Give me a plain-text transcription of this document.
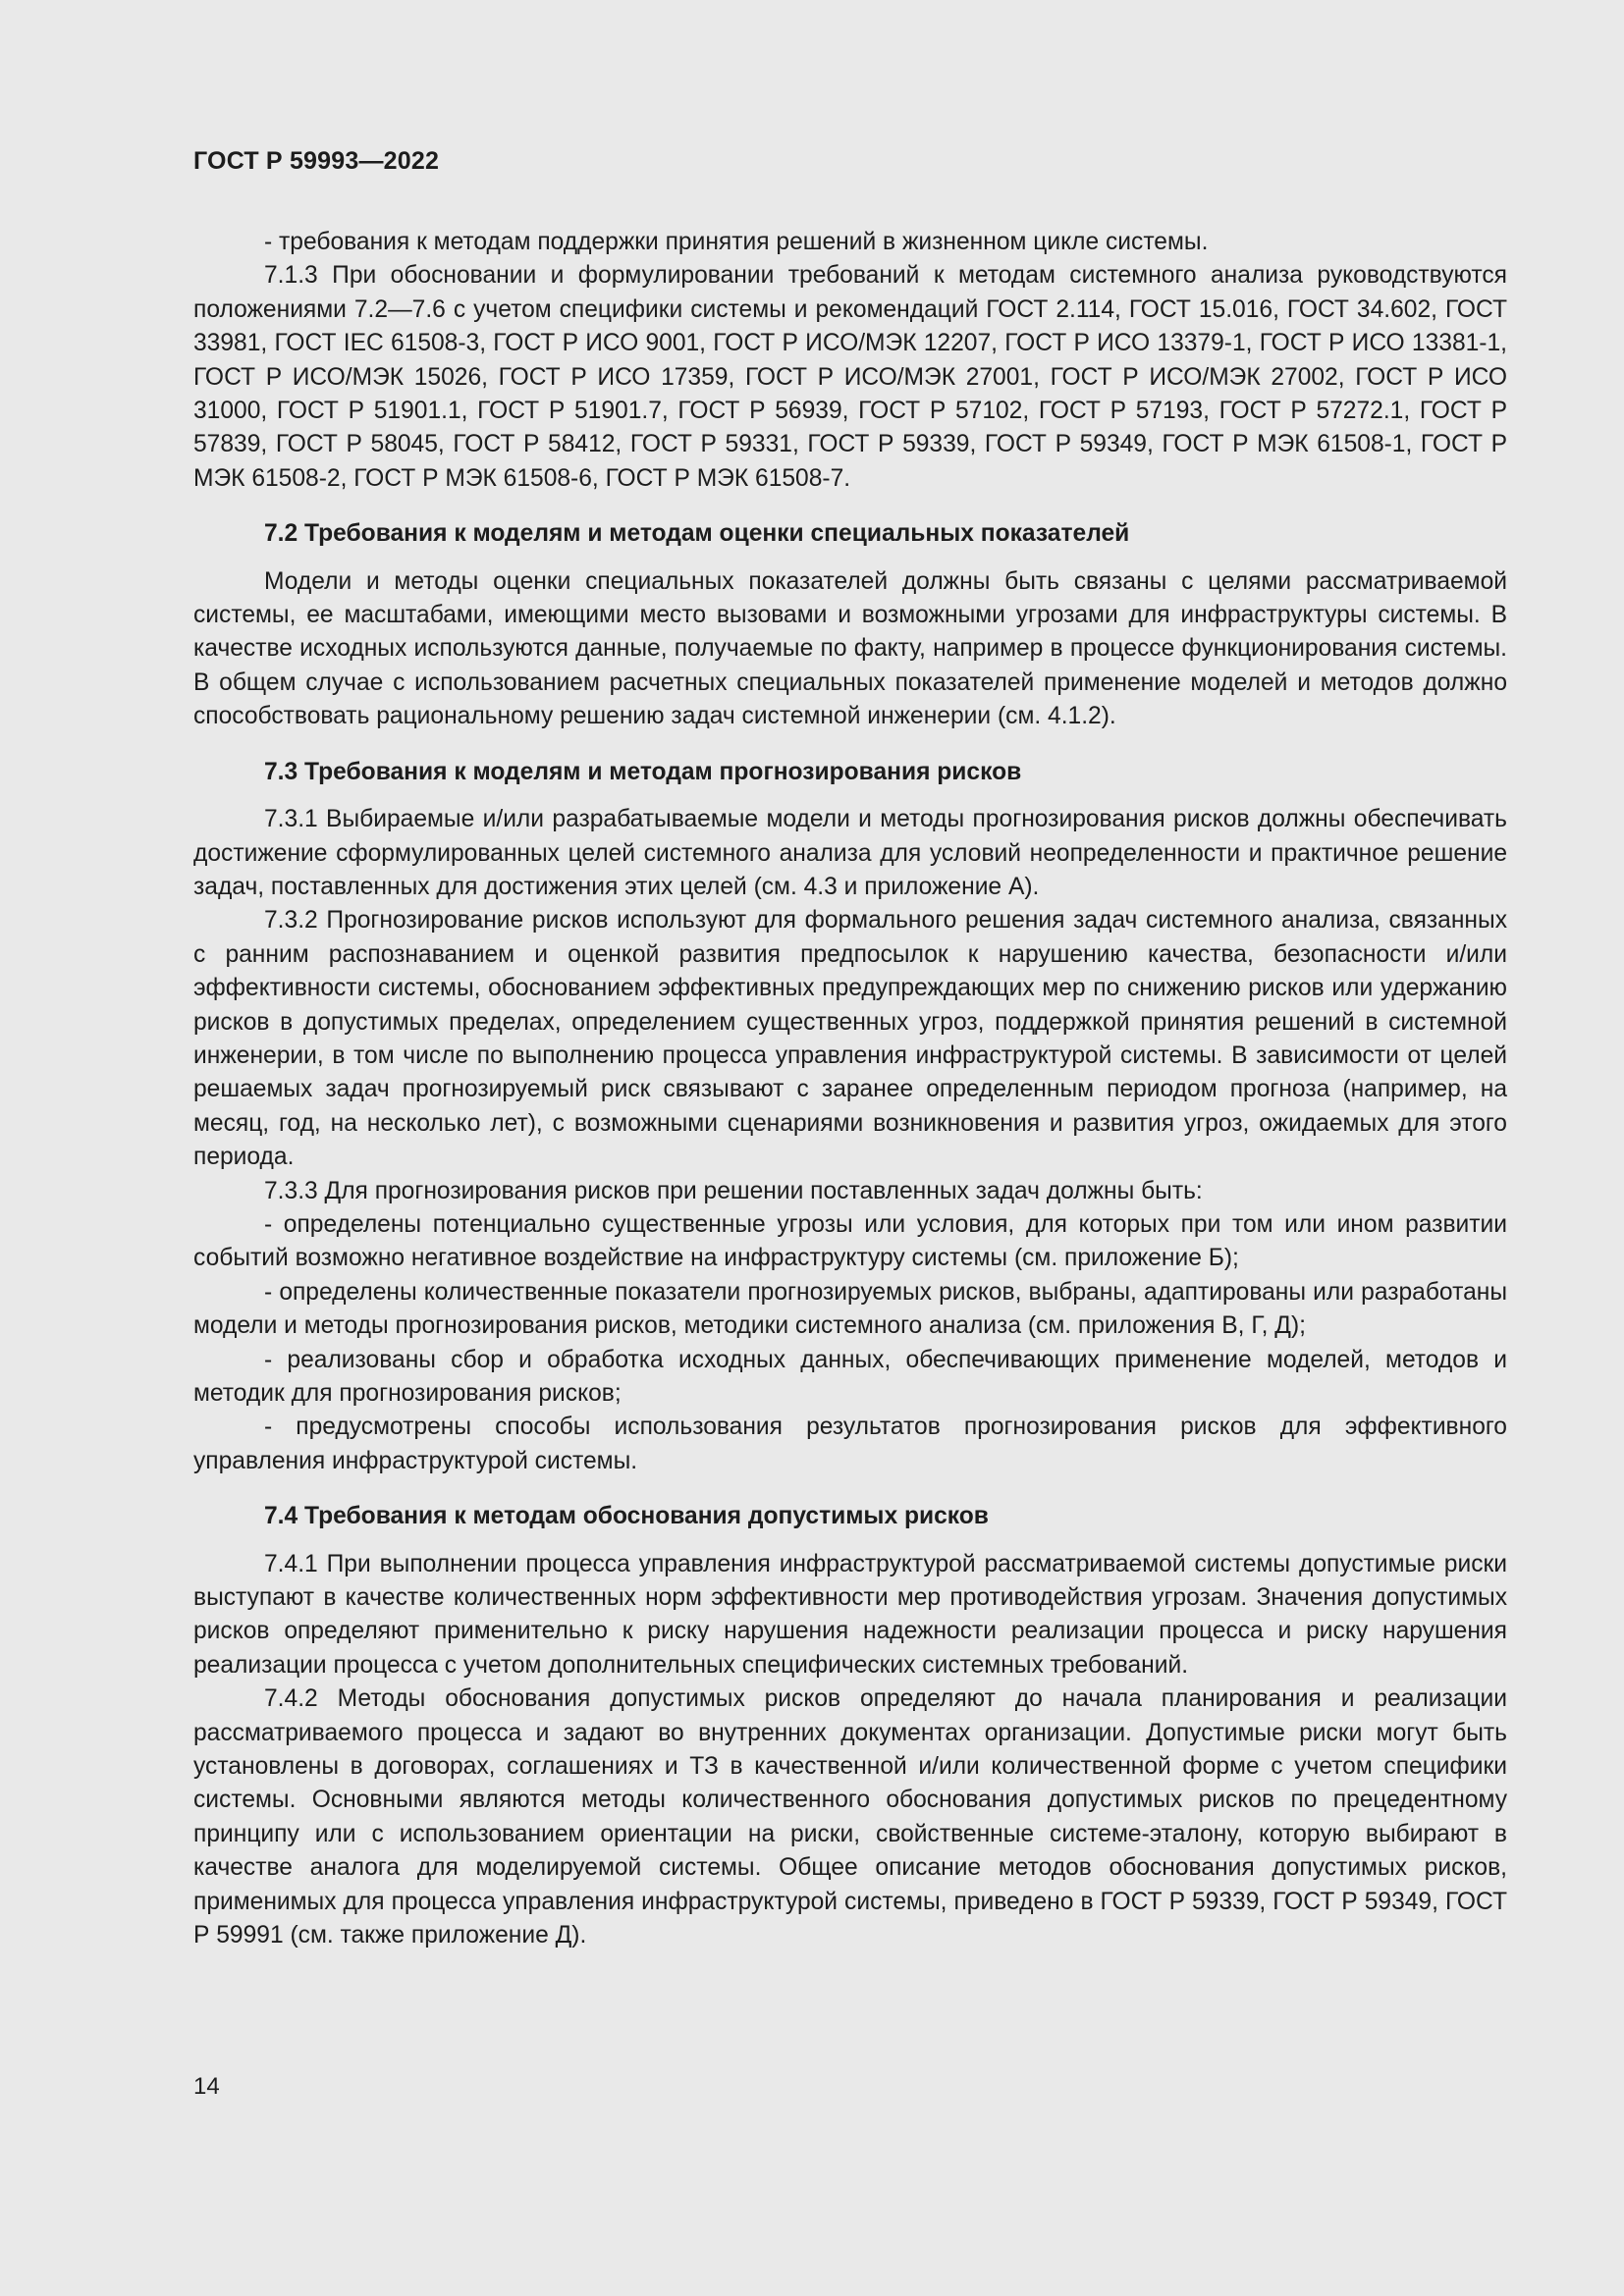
ГОСТ Р 59993—2022

- требования к методам поддержки принятия решений в жизненном цикле системы.

7.1.3 При обосновании и формулировании требований к методам системного анализа руководствуются положениями 7.2—7.6 с учетом специфики системы и рекомендаций ГОСТ 2.114, ГОСТ 15.016, ГОСТ 34.602, ГОСТ 33981, ГОСТ IEC 61508-3, ГОСТ Р ИСО 9001, ГОСТ Р ИСО/МЭК 12207, ГОСТ Р ИСО 13379-1, ГОСТ Р ИСО 13381-1, ГОСТ Р ИСО/МЭК 15026, ГОСТ Р ИСО 17359, ГОСТ Р ИСО/МЭК 27001, ГОСТ Р ИСО/МЭК 27002, ГОСТ Р ИСО 31000, ГОСТ Р 51901.1, ГОСТ Р 51901.7, ГОСТ Р 56939, ГОСТ Р 57102, ГОСТ Р 57193, ГОСТ Р 57272.1, ГОСТ Р 57839, ГОСТ Р 58045, ГОСТ Р 58412, ГОСТ Р 59331, ГОСТ Р 59339, ГОСТ Р 59349, ГОСТ Р МЭК 61508-1, ГОСТ Р МЭК 61508-2, ГОСТ Р МЭК 61508-6, ГОСТ Р МЭК 61508-7.

7.2 Требования к моделям и методам оценки специальных показателей

Модели и методы оценки специальных показателей должны быть связаны с целями рассматриваемой системы, ее масштабами, имеющими место вызовами и возможными угрозами для инфраструктуры системы. В качестве исходных используются данные, получаемые по факту, например в процессе функционирования системы. В общем случае с использованием расчетных специальных показателей применение моделей и методов должно способствовать рациональному решению задач системной инженерии (см. 4.1.2).

7.3 Требования к моделям и методам прогнозирования рисков

7.3.1 Выбираемые и/или разрабатываемые модели и методы прогнозирования рисков должны обеспечивать достижение сформулированных целей системного анализа для условий неопределенности и практичное решение задач, поставленных для достижения этих целей (см. 4.3 и приложение А).

7.3.2 Прогнозирование рисков используют для формального решения задач системного анализа, связанных с ранним распознаванием и оценкой развития предпосылок к нарушению качества, безопасности и/или эффективности системы, обоснованием эффективных предупреждающих мер по снижению рисков или удержанию рисков в допустимых пределах, определением существенных угроз, поддержкой принятия решений в системной инженерии, в том числе по выполнению процесса управления инфраструктурой системы. В зависимости от целей решаемых задач прогнозируемый риск связывают с заранее определенным периодом прогноза (например, на месяц, год, на несколько лет), с возможными сценариями возникновения и развития угроз, ожидаемых для этого периода.

7.3.3 Для прогнозирования рисков при решении поставленных задач должны быть:

- определены потенциально существенные угрозы или условия, для которых при том или ином развитии событий возможно негативное воздействие на инфраструктуру системы (см. приложение Б);

- определены количественные показатели прогнозируемых рисков, выбраны, адаптированы или разработаны модели и методы прогнозирования рисков, методики системного анализа (см. приложения В, Г, Д);

- реализованы сбор и обработка исходных данных, обеспечивающих применение моделей, методов и методик для прогнозирования рисков;

- предусмотрены способы использования результатов прогнозирования рисков для эффективного управления инфраструктурой системы.

7.4 Требования к методам обоснования допустимых рисков

7.4.1 При выполнении процесса управления инфраструктурой рассматриваемой системы допустимые риски выступают в качестве количественных норм эффективности мер противодействия угрозам. Значения допустимых рисков определяют применительно к риску нарушения надежности реализации процесса и риску нарушения реализации процесса с учетом дополнительных специфических системных требований.

7.4.2 Методы обоснования допустимых рисков определяют до начала планирования и реализации рассматриваемого процесса и задают во внутренних документах организации. Допустимые риски могут быть установлены в договорах, соглашениях и ТЗ в качественной и/или количественной форме с учетом специфики системы. Основными являются методы количественного обоснования допустимых рисков по прецедентному принципу или с использованием ориентации на риски, свойственные системе-эталону, которую выбирают в качестве аналога для моделируемой системы. Общее описание методов обоснования допустимых рисков, применимых для процесса управления инфраструктурой системы, приведено в ГОСТ Р 59339, ГОСТ Р 59349, ГОСТ Р 59991 (см. также приложение Д).

14
